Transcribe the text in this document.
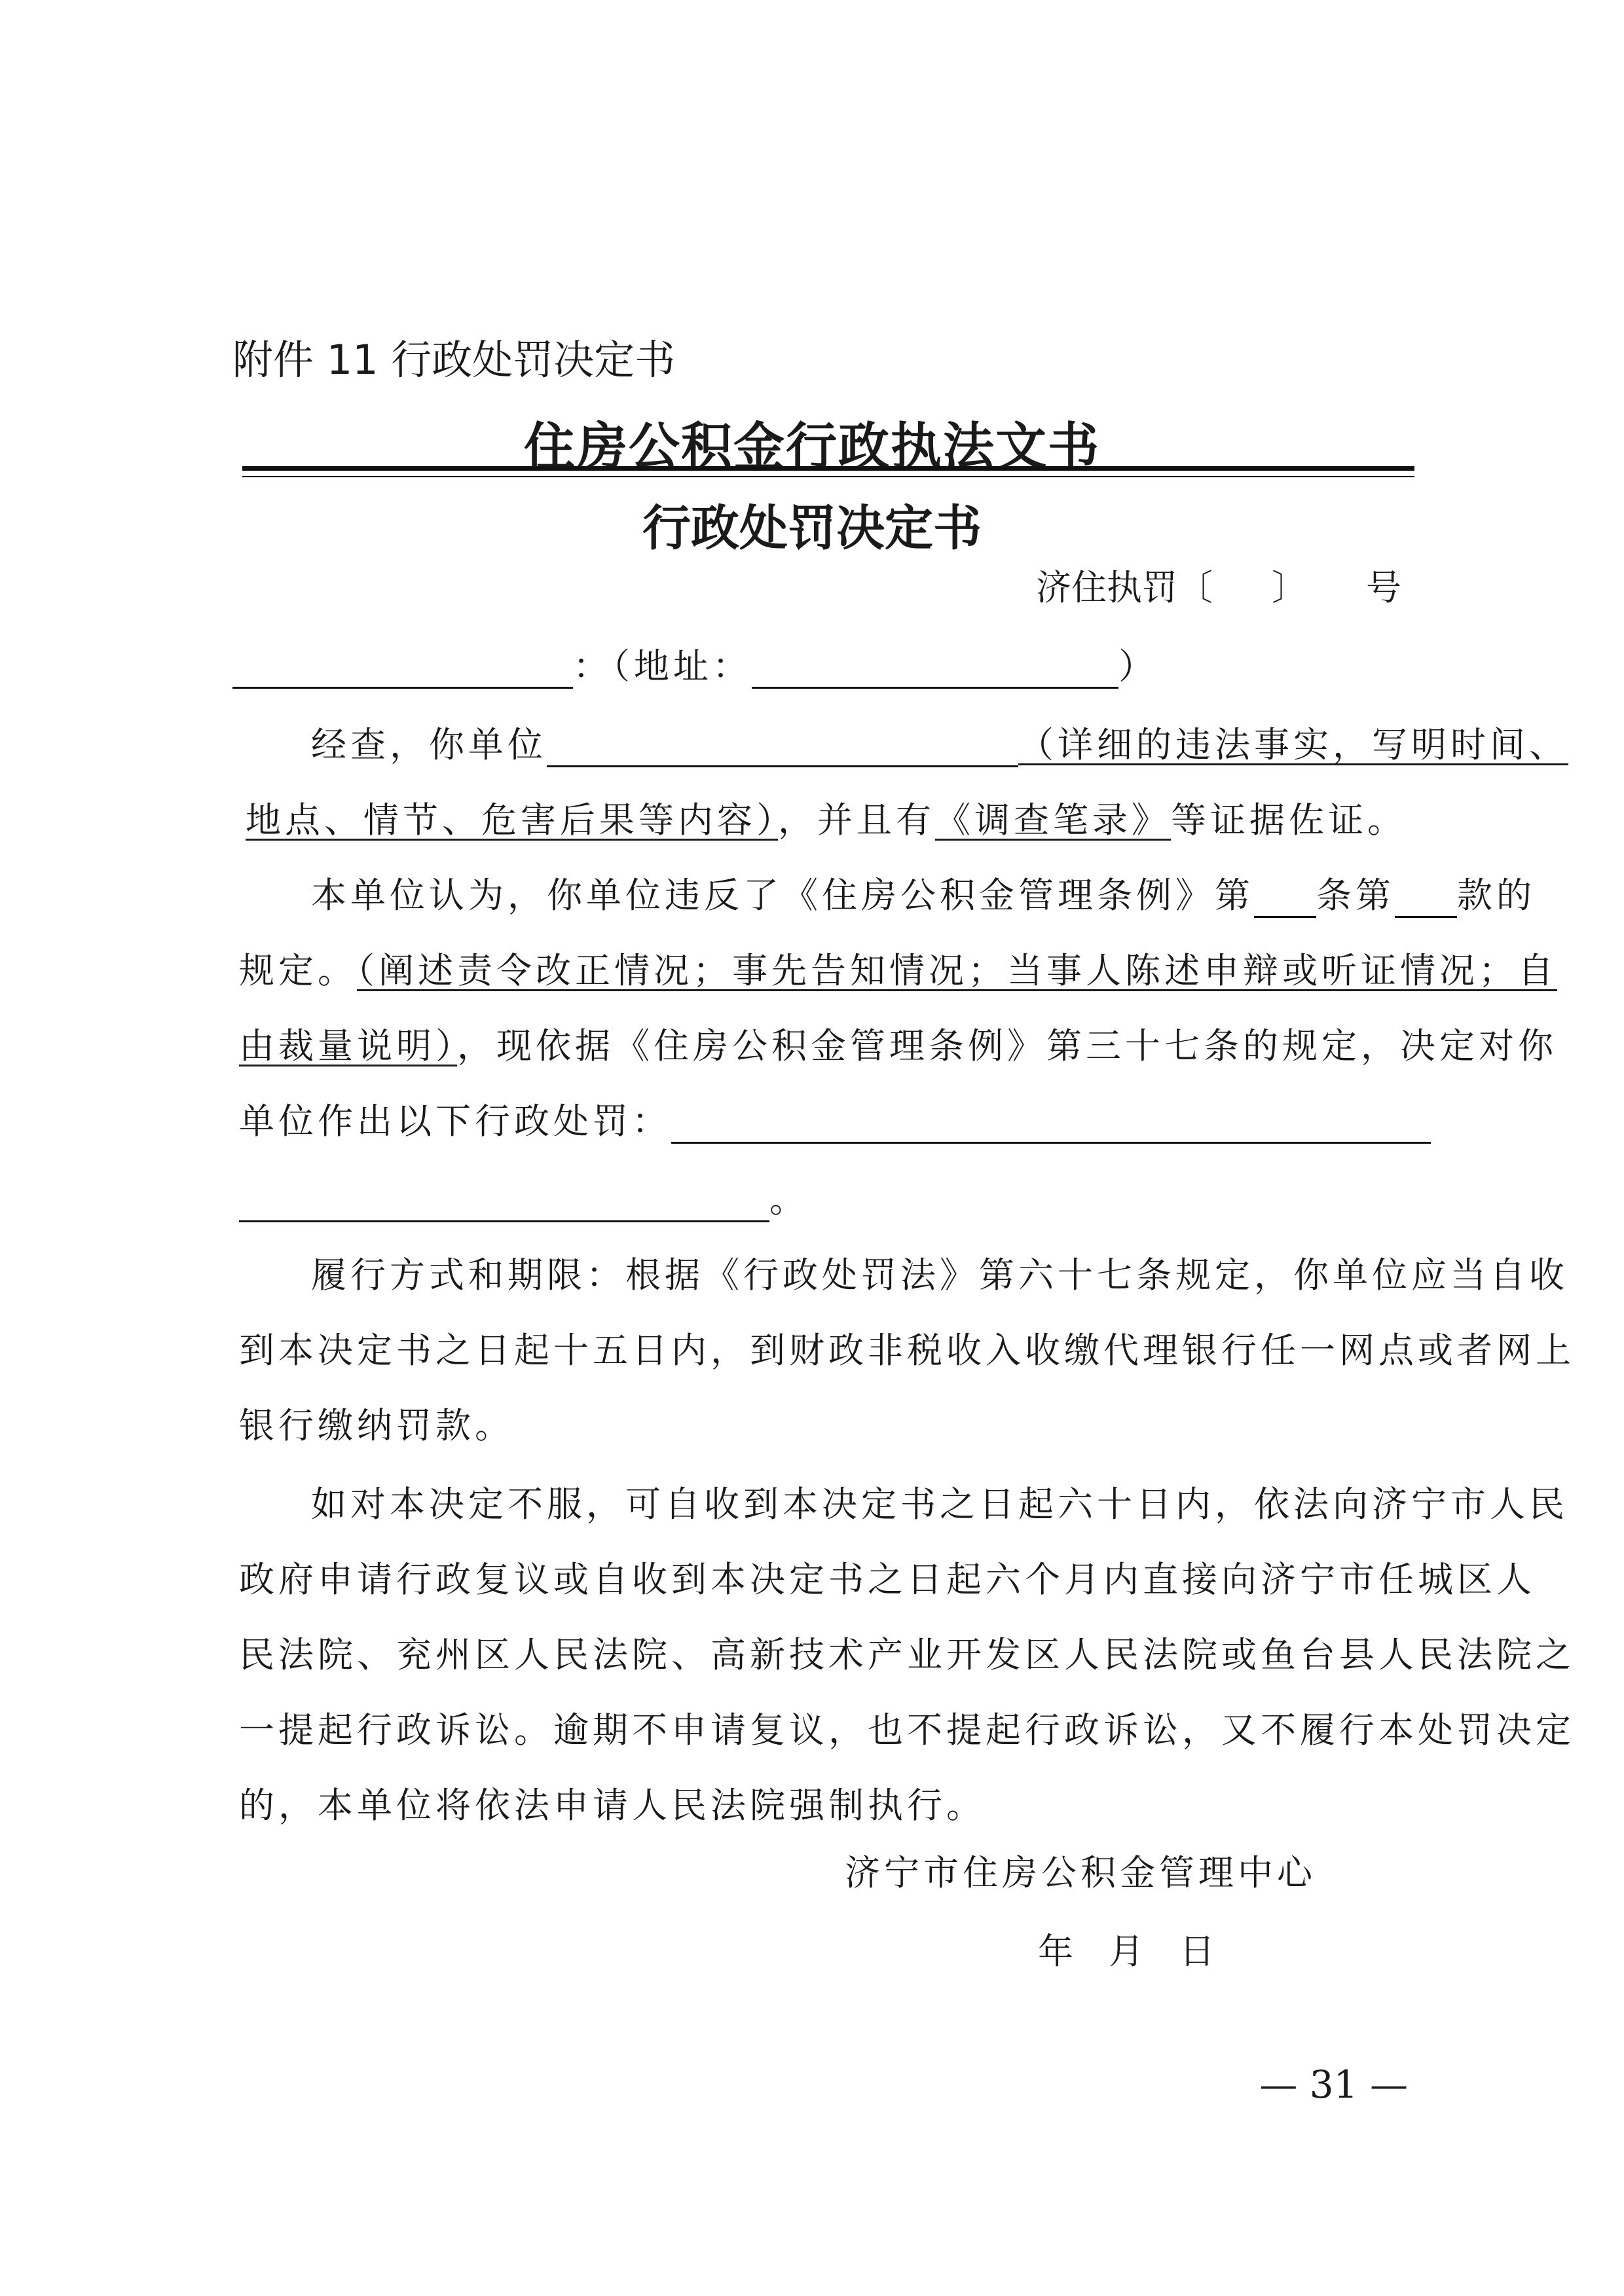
附件 11 行政处罚决定书
住房公积金行政执法文书
行政处罚决定书
济住执罚〔 〕 号
：（地址：	）
经查，你单位	（详细的违法事实，写明时间、
地点、情节、危害后果等内容），并且有《调查笔录》等证据佐证。
本单位认为，你单位违反了《住房公积金管理条例》第 条第 款的
规定。（阐述责令改正情况；事先告知情况；当事人陈述申辩或听证情况；自
由裁量说明），现依据《住房公积金管理条例》第三十七条的规定，决定对你
单位作出以下行政处罚：
。
履行方式和期限：根据《行政处罚法》第六十七条规定，你单位应当自收
到本决定书之日起十五日内，到财政非税收入收缴代理银行任一网点或者网上
银行缴纳罚款。
如对本决定不服，可自收到本决定书之日起六十日内，依法向济宁市人民
政府申请行政复议或自收到本决定书之日起六个月内直接向济宁市任城区人
民法院、兖州区人民法院、高新技术产业开发区人民法院或鱼台县人民法院之
一提起行政诉讼。逾期不申请复议，也不提起行政诉讼，又不履行本处罚决定
的，本单位将依法申请人民法院强制执行。
济宁市住房公积金管理中心
年　月　日
— 31 —
